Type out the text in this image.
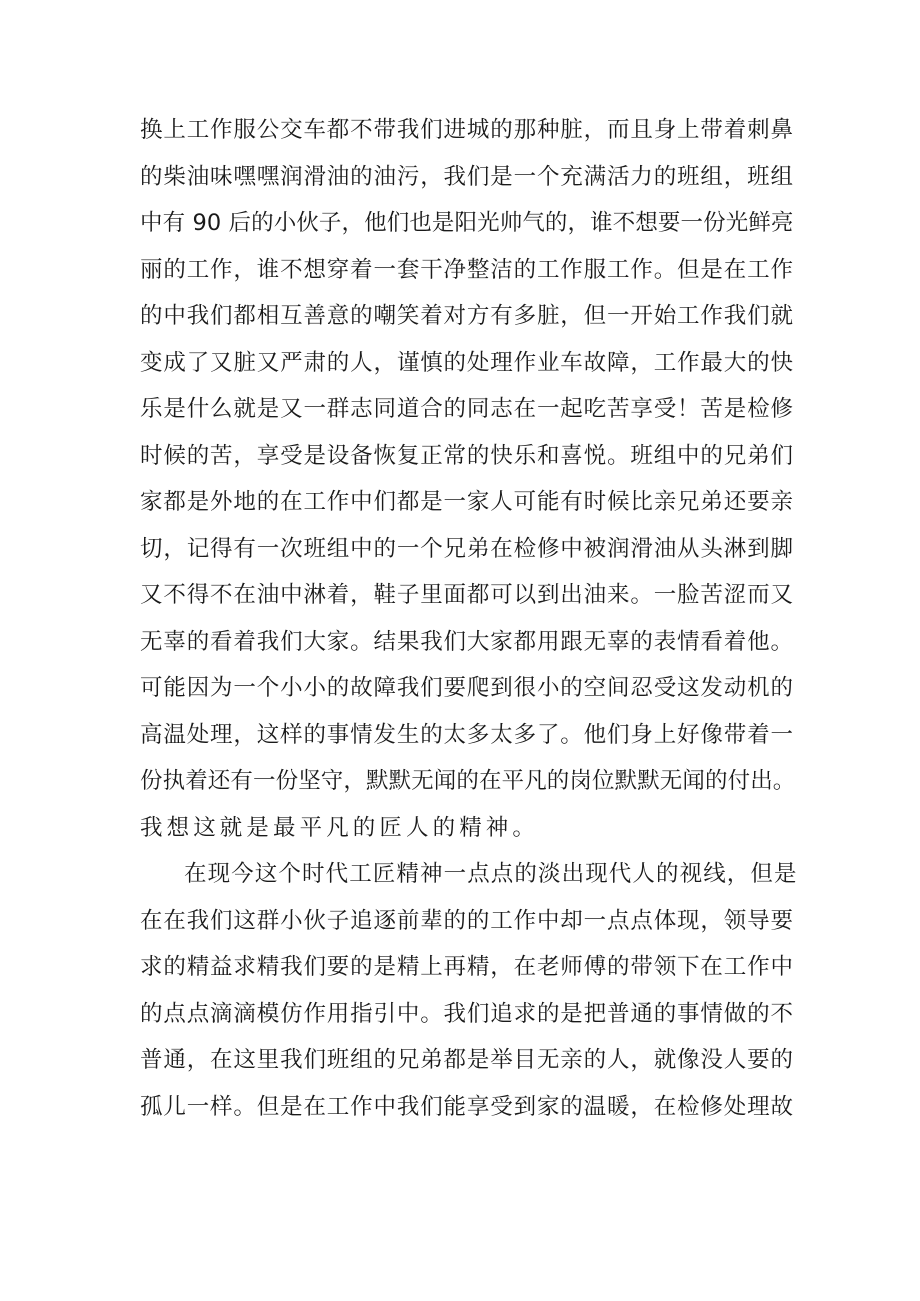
换上工作服公交车都不带我们进城的那种脏，而且身上带着刺鼻
的柴油味嘿嘿润滑油的油污，我们是一个充满活力的班组，班组
中有 90 后的小伙子，他们也是阳光帅气的，谁不想要一份光鲜亮
丽的工作，谁不想穿着一套干净整洁的工作服工作。但是在工作
的中我们都相互善意的嘲笑着对方有多脏，但一开始工作我们就
变成了又脏又严肃的人，谨慎的处理作业车故障，工作最大的快
乐是什么就是又一群志同道合的同志在一起吃苦享受！苦是检修
时候的苦，享受是设备恢复正常的快乐和喜悦。班组中的兄弟们
家都是外地的在工作中们都是一家人可能有时候比亲兄弟还要亲
切，记得有一次班组中的一个兄弟在检修中被润滑油从头淋到脚
又不得不在油中淋着，鞋子里面都可以到出油来。一脸苦涩而又
无辜的看着我们大家。结果我们大家都用跟无辜的表情看着他。
可能因为一个小小的故障我们要爬到很小的空间忍受这发动机的
高温处理，这样的事情发生的太多太多了。他们身上好像带着一
份执着还有一份坚守，默默无闻的在平凡的岗位默默无闻的付出。
我想这就是最平凡的匠人的精神。
在现今这个时代工匠精神一点点的淡出现代人的视线，但是
在在我们这群小伙子追逐前辈的的工作中却一点点体现，领导要
求的精益求精我们要的是精上再精，在老师傅的带领下在工作中
的点点滴滴模仿作用指引中。我们追求的是把普通的事情做的不
普通，在这里我们班组的兄弟都是举目无亲的人，就像没人要的
孤儿一样。但是在工作中我们能享受到家的温暖，在检修处理故
